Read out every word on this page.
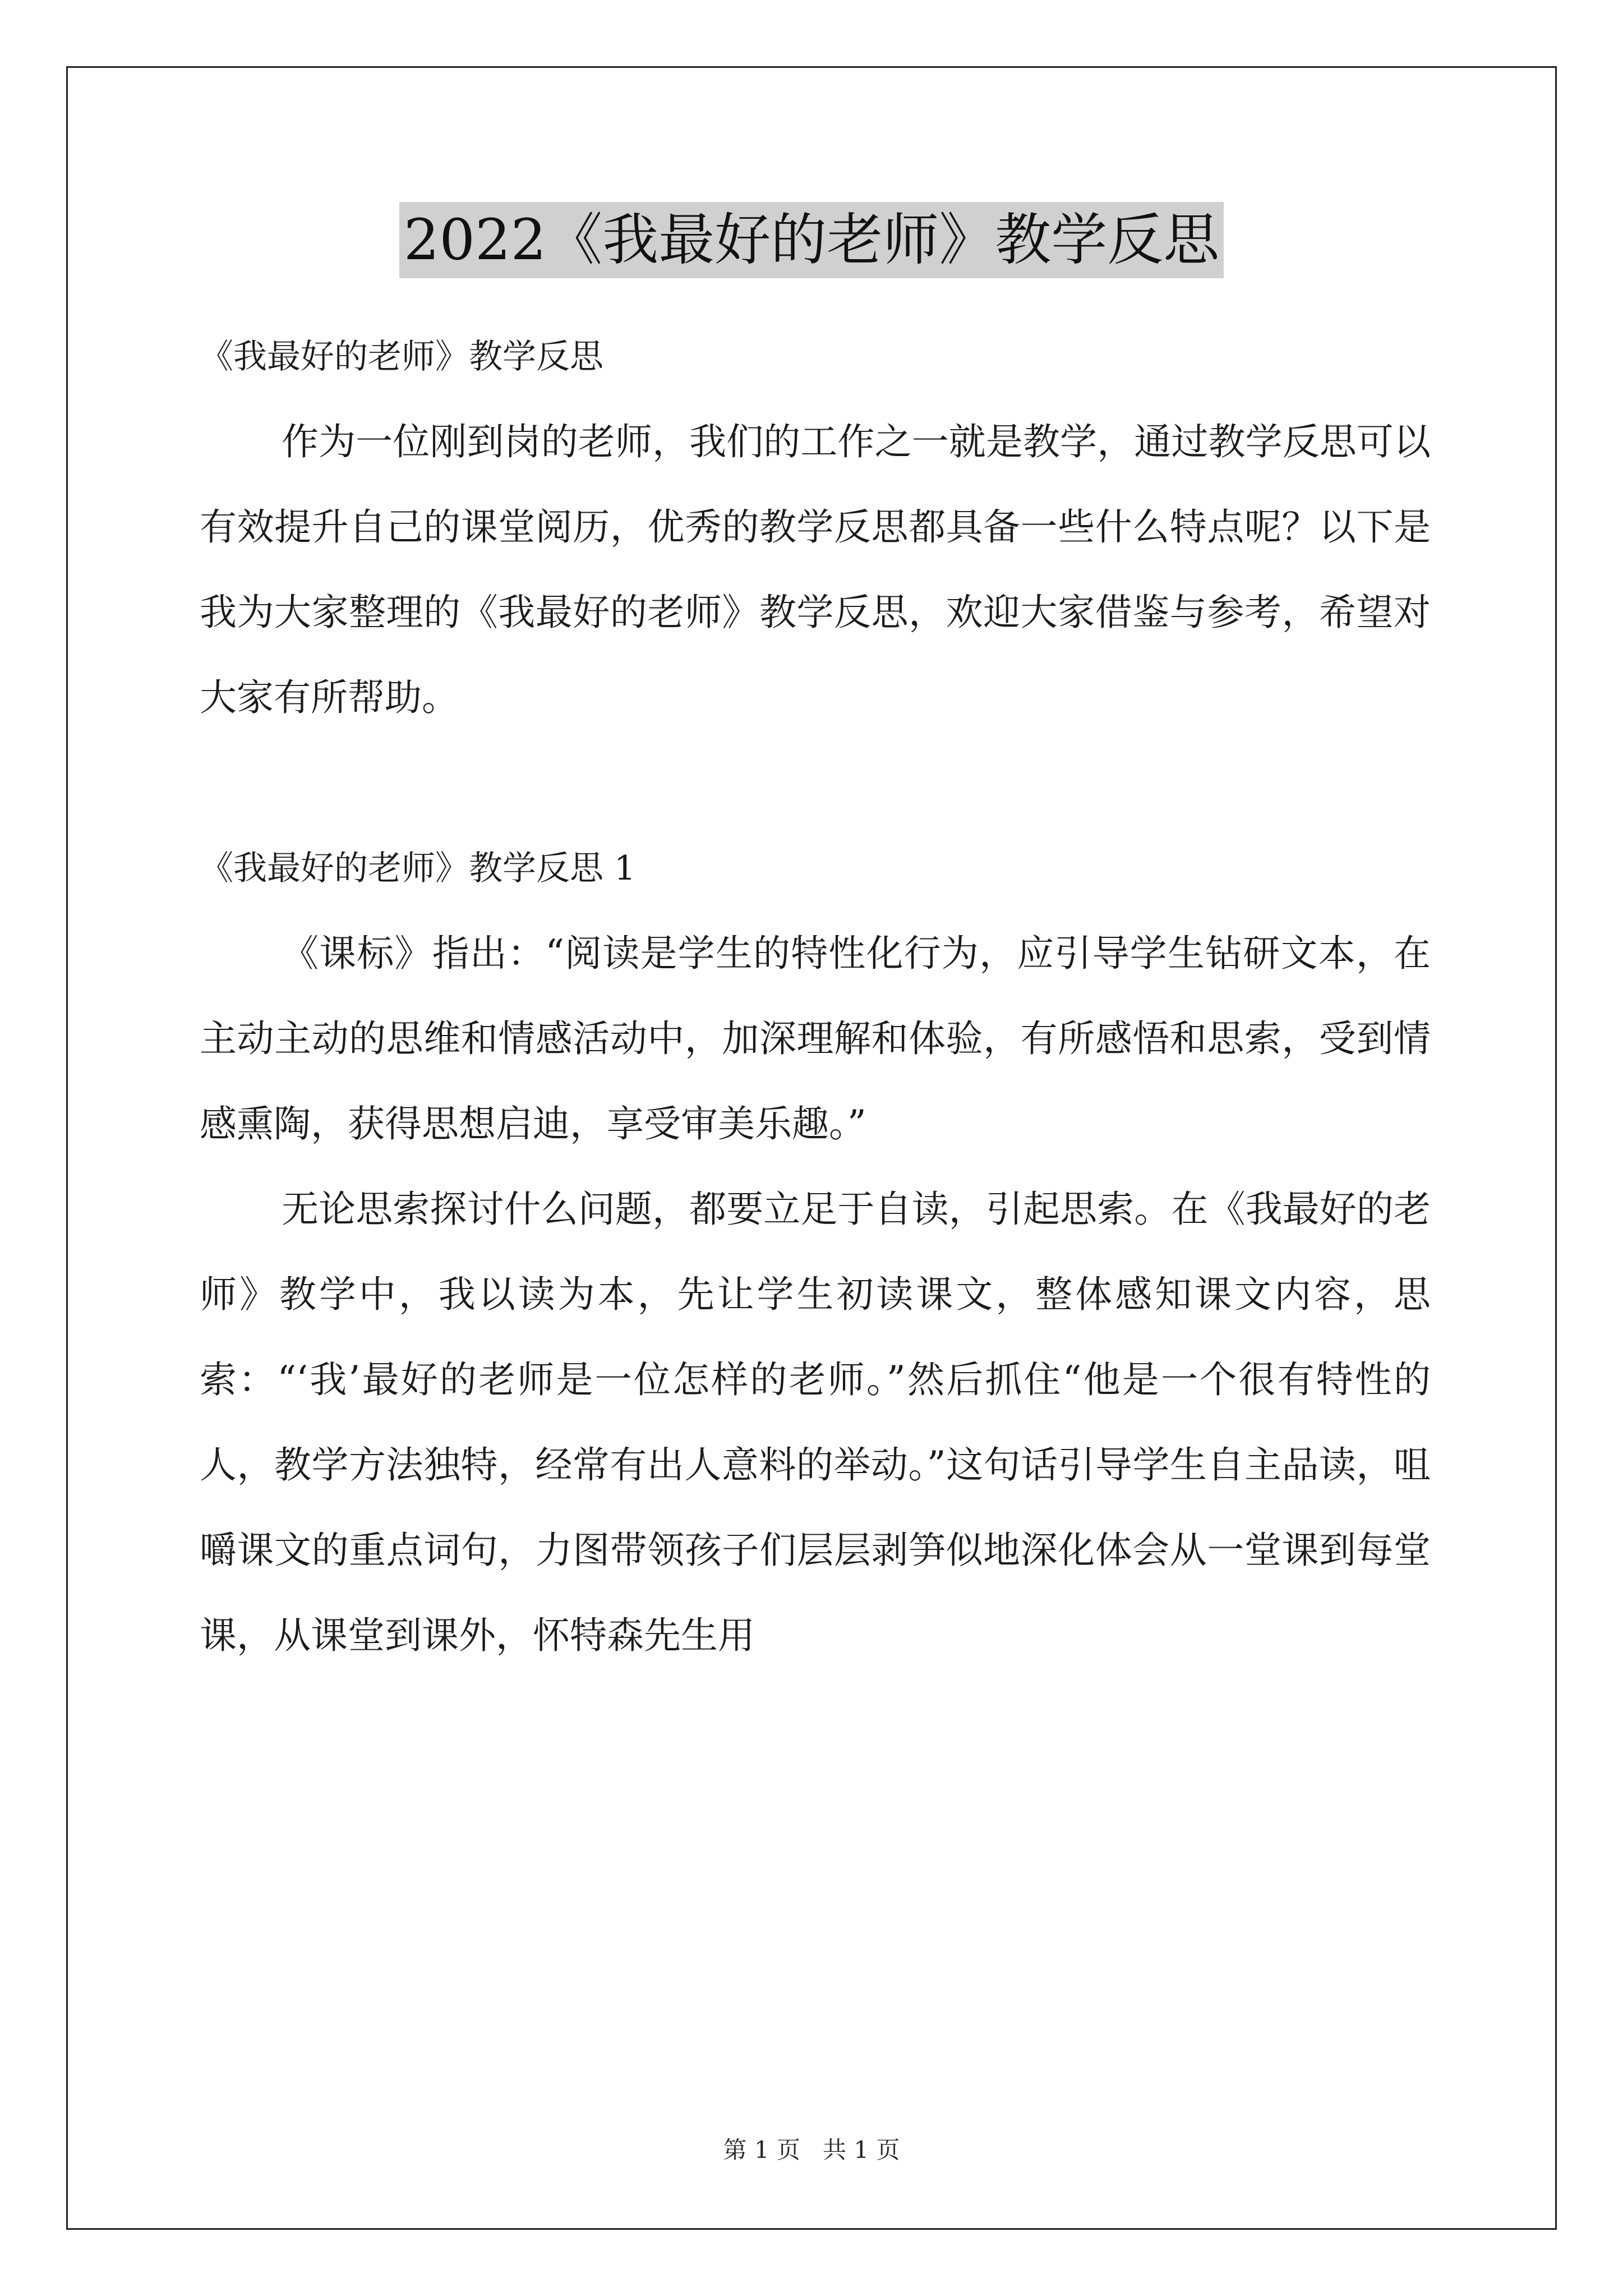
2022《我最好的老师》教学反思

《我最好的老师》教学反思

作为一位刚到岗的老师，我们的工作之一就是教学，通过教学反思可以有效提升自己的课堂阅历，优秀的教学反思都具备一些什么特点呢？以下是我为大家整理的《我最好的老师》教学反思，欢迎大家借鉴与参考，希望对大家有所帮助。

《我最好的老师》教学反思 1

《课标》指出：“阅读是学生的特性化行为，应引导学生钻研文本，在主动主动的思维和情感活动中，加深理解和体验，有所感悟和思索，受到情感熏陶，获得思想启迪，享受审美乐趣。”

无论思索探讨什么问题，都要立足于自读，引起思索。在《我最好的老师》教学中，我以读为本，先让学生初读课文，整体感知课文内容，思索：“‘我’最好的老师是一位怎样的老师。”然后抓住“他是一个很有特性的人，教学方法独特，经常有出人意料的举动。”这句话引导学生自主品读，咀嚼课文的重点词句，力图带领孩子们层层剥笋似地深化体会从一堂课到每堂课，从课堂到课外，怀特森先生用

第 1 页   共 1 页
